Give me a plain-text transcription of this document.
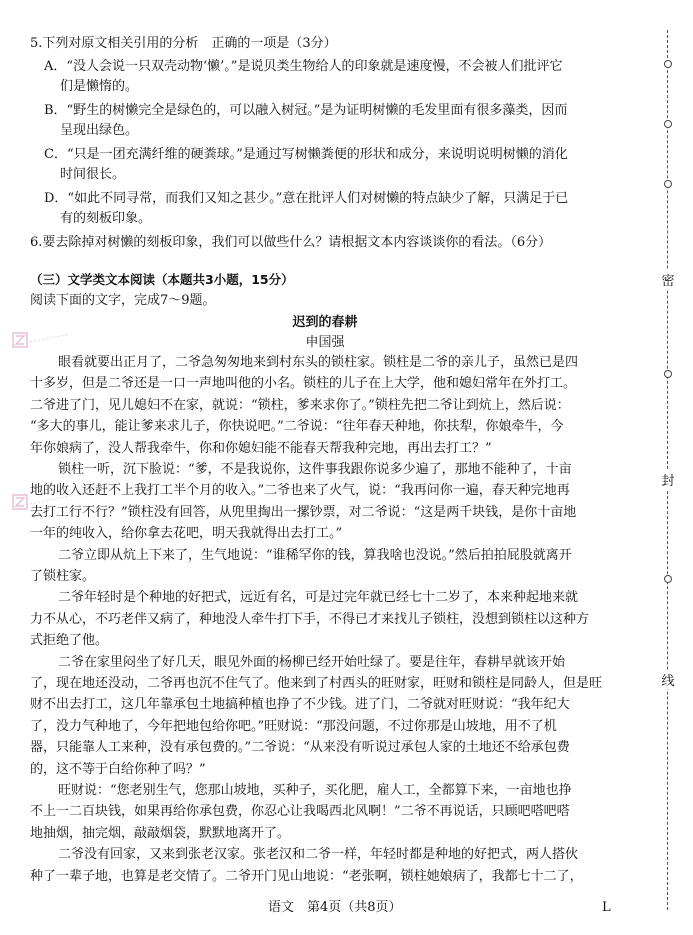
5.下列对原文相关引用的分析　正确的一项是（3分）
A．“没人会说一只双壳动物‘懒’。”是说贝类生物给人的印象就是速度慢，不会被人们批评它
们是懒惰的。
B．“野生的树懒完全是绿色的，可以融入树冠。”是为证明树懒的毛发里面有很多藻类，因而
呈现出绿色。
C．“只是一团充满纤维的硬粪球。”是通过写树懒粪便的形状和成分，来说明说明树懒的消化
时间很长。
D．“如此不同寻常，而我们又知之甚少。”意在批评人们对树懒的特点缺少了解，只满足于已
有的刻板印象。
6.要去除掉对树懒的刻板印象，我们可以做些什么？请根据文本内容谈谈你的看法。（6分）
（三）文学类文本阅读（本题共3小题，15分）
阅读下面的文字，完成7～9题。
迟到的春耕
申国强
眼看就要出正月了，二爷急匆匆地来到村东头的锁柱家。锁柱是二爷的亲儿子，虽然已是四
十多岁，但是二爷还是一口一声地叫他的小名。锁柱的儿子在上大学，他和媳妇常年在外打工。
二爷进了门，见儿媳妇不在家，就说：“锁柱，爹来求你了。”锁柱先把二爷让到炕上，然后说：
“多大的事儿，能让爹来求儿子，你快说吧。”二爷说：“往年春天种地，你扶犁，你娘牵牛，今
年你娘病了，没人帮我牵牛，你和你媳妇能不能春天帮我种完地，再出去打工？”
锁柱一听，沉下脸说：“爹，不是我说你，这件事我跟你说多少遍了，那地不能种了，十亩
地的收入还赶不上我打工半个月的收入。”二爷也来了火气，说：“我再问你一遍，春天种完地再
去打工行不行？”锁柱没有回答，从兜里掏出一摞钞票，对二爷说：“这是两千块钱，是你十亩地
一年的纯收入，给你拿去花吧，明天我就得出去打工。”
二爷立即从炕上下来了，生气地说：“谁稀罕你的钱，算我啥也没说。”然后拍拍屁股就离开
了锁柱家。
二爷年轻时是个种地的好把式，远近有名，可是过完年就已经七十二岁了，本来种起地来就
力不从心，不巧老伴又病了，种地没人牵牛打下手，不得已才来找儿子锁柱，没想到锁柱以这种方
式拒绝了他。
二爷在家里闷坐了好几天，眼见外面的杨柳已经开始吐绿了。要是往年，春耕早就该开始
了，现在地还没动，二爷再也沉不住气了。他来到了村西头的旺财家，旺财和锁柱是同龄人，但是旺
财不出去打工，这几年靠承包土地搞种植也挣了不少钱。进了门，二爷就对旺财说：“我年纪大
了，没力气种地了，今年把地包给你吧。”旺财说：“那没问题，不过你那是山坡地，用不了机
器，只能靠人工来种，没有承包费的。”二爷说：“从来没有听说过承包人家的土地还不给承包费
的，这不等于白给你种了吗？”
旺财说：“您老别生气，您那山坡地，买种子，买化肥，雇人工，全都算下来，一亩地也挣
不上一二百块钱，如果再给你承包费，你忍心让我喝西北风啊！”二爷不再说话，只顾吧嗒吧嗒
地抽烟，抽完烟，敲敲烟袋，默默地离开了。
二爷没有回家，又来到张老汉家。张老汉和二爷一样，年轻时都是种地的好把式，两人搭伙
种了一辈子地，也算是老交情了。二爷开门见山地说：“老张啊，锁柱她娘病了，我都七十二了，
语文　第4页（共8页）	L
密
封
线
